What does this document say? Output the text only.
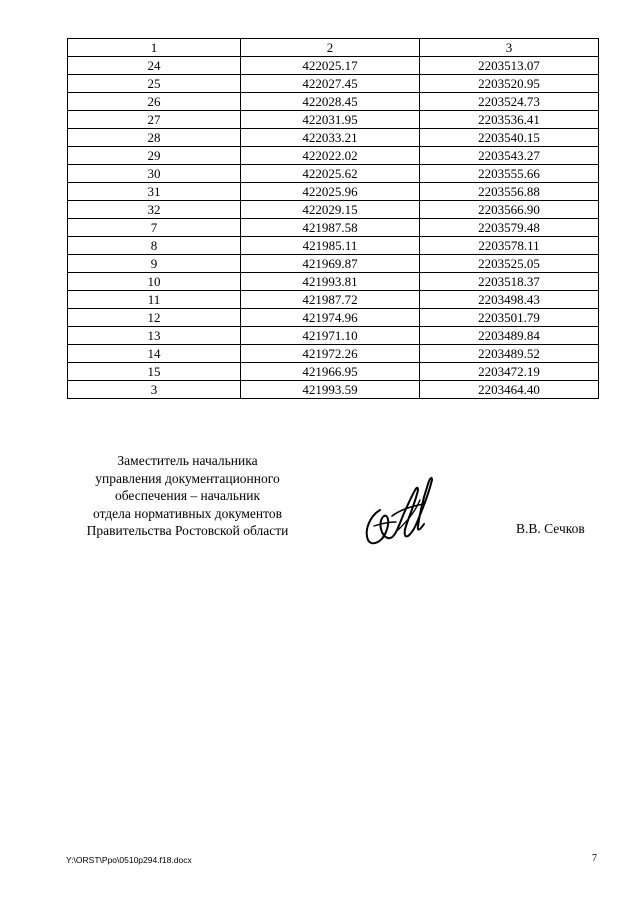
1	2	3
24	422025.17	2203513.07
25	422027.45	2203520.95
26	422028.45	2203524.73
27	422031.95	2203536.41
28	422033.21	2203540.15
29	422022.02	2203543.27
30	422025.62	2203555.66
31	422025.96	2203556.88
32	422029.15	2203566.90
7	421987.58	2203579.48
8	421985.11	2203578.11
9	421969.87	2203525.05
10	421993.81	2203518.37
11	421987.72	2203498.43
12	421974.96	2203501.79
13	421971.10	2203489.84
14	421972.26	2203489.52
15	421966.95	2203472.19
3	421993.59	2203464.40
Заместитель начальника
управления документационного
обеспечения – начальник
отдела нормативных документов
Правительства Ростовской области	В.В. Сечков
Y:\ORST\Ppo\0510p294.f18.docx	7
